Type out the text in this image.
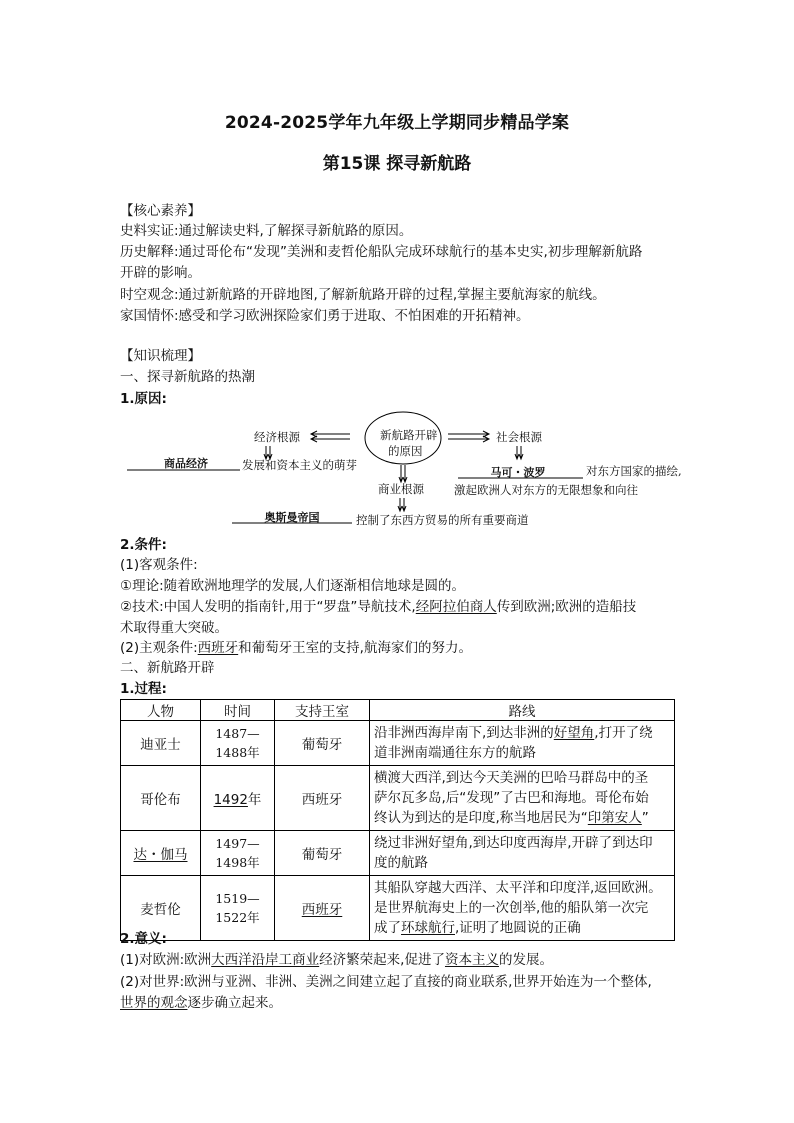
2024-2025学年九年级上学期同步精品学案
第15课 探寻新航路
【核心素养】
史料实证:通过解读史料,了解探寻新航路的原因。
历史解释:通过哥伦布“发现”美洲和麦哲伦船队完成环球航行的基本史实,初步理解新航路
开辟的影响。
时空观念:通过新航路的开辟地图,了解新航路开辟的过程,掌握主要航海家的航线。
家国情怀:感受和学习欧洲探险家们勇于进取、不怕困难的开拓精神。
【知识梳理】
一、探寻新航路的热潮
1.原因:
新航路开辟
的原因
经济根源	社会根源
商业根源
商品经济	发展和资本主义的萌芽
马可・波罗	对东方国家的描绘,
激起欧洲人对东方的无限想象和向往
奥斯曼帝国	控制了东西方贸易的所有重要商道
2.条件:
(1)客观条件:
①理论:随着欧洲地理学的发展,人们逐渐相信地球是圆的。
②技术:中国人发明的指南针,用于“罗盘”导航技术,经阿拉伯商人传到欧洲;欧洲的造船技
术取得重大突破。
(2)主观条件:西班牙和葡萄牙王室的支持,航海家们的努力。
二、新航路开辟
1.过程:
人物	时间	支持王室	路线
迪亚士	1487—
1488年	葡萄牙	沿非洲西海岸南下,到达非洲的好望角,打开了绕
道非洲南端通往东方的航路
哥伦布	1492年	西班牙	横渡大西洋,到达今天美洲的巴哈马群岛中的圣
萨尔瓦多岛,后“发现”了古巴和海地。哥伦布始
终认为到达的是印度,称当地居民为“印第安人”
达・伽马	1497—
1498年	葡萄牙	绕过非洲好望角,到达印度西海岸,开辟了到达印
度的航路
麦哲伦	1519—
1522年	西班牙	其船队穿越大西洋、太平洋和印度洋,返回欧洲。
是世界航海史上的一次创举,他的船队第一次完
成了环球航行,证明了地圆说的正确
2.意义:
(1)对欧洲:欧洲大西洋沿岸工商业经济繁荣起来,促进了资本主义的发展。
(2)对世界:欧洲与亚洲、非洲、美洲之间建立起了直接的商业联系,世界开始连为一个整体,
世界的观念逐步确立起来。
